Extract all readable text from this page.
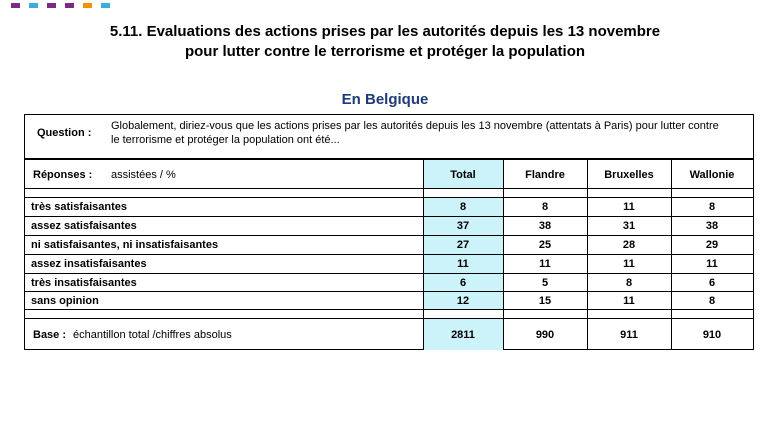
5.11. Evaluations des actions prises par les autorités depuis les 13 novembre
pour lutter contre le terrorisme et protéger la population
En Belgique
Question :
Globalement, diriez-vous que les actions prises par les autorités depuis les 13 novembre (attentats à Paris) pour lutter contre
le terrorisme et protéger la population ont été...
Réponses : assistées / %	Total	Flandre	Bruxelles	Wallonie
très satisfaisantes	8	8	11	8
assez satisfaisantes	37	38	31	38
ni satisfaisantes, ni insatisfaisantes	27	25	28	29
assez insatisfaisantes	11	11	11	11
très insatisfaisantes	6	5	8	6
sans opinion	12	15	11	8
Base : échantillon total /chiffres absolus	2811	990	911	910
